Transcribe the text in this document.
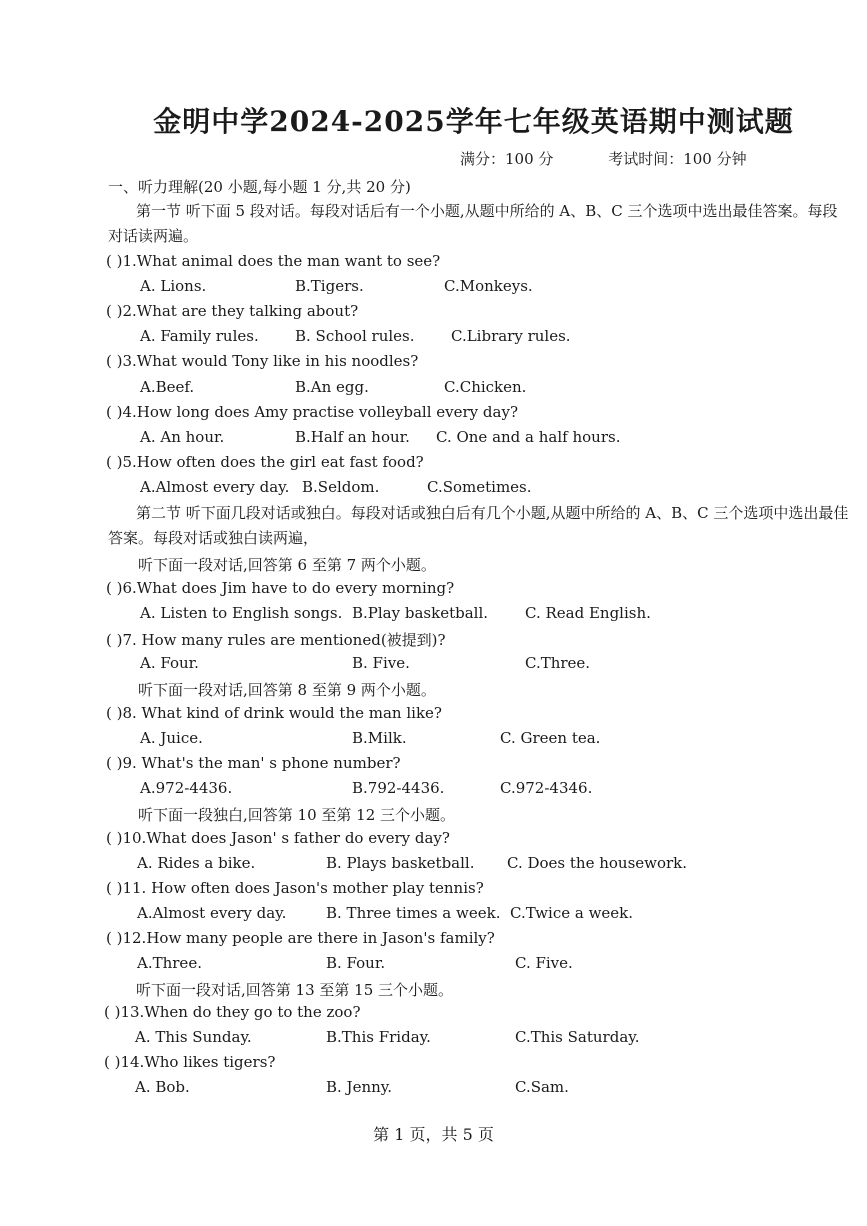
金明中学2024-2025学年七年级英语期中测试题
满分：100 分	考试时间：100 分钟
一、听力理解(20 小题,每小题 1 分,共 20 分)
第一节 听下面 5 段对话。每段对话后有一个小题,从题中所给的 A、B、C 三个选项中选出最佳答案。每段对话读两遍。
( )1.What animal does the man want to see?
A. Lions.	B.Tigers.	C.Monkeys.
( )2.What are they talking about?
A. Family rules. B. School rules. C.Library rules.
( )3.What would Tony like in his noodles?
A.Beef.	B.An egg.	C.Chicken.
( )4.How long does Amy practise volleyball every day?
A. An hour.	B.Half an hour. C. One and a half hours.
( )5.How often does the girl eat fast food?
A.Almost every day. B.Seldom.	C.Sometimes.
第二节 听下面几段对话或独白。每段对话或独白后有几个小题,从题中所给的 A、B、C 三个选项中选出最佳答案。每段对话或独白读两遍，
听下面一段对话,回答第 6 至第 7 两个小题。
( )6.What does Jim have to do every morning?
A. Listen to English songs. B.Play basketball. C. Read English.
( )7. How many rules are mentioned(被提到)?
A. Four.	B. Five.	C.Three.
听下面一段对话,回答第 8 至第 9 两个小题。
( )8. What kind of drink would the man like?
A. Juice.	B.Milk.	C. Green tea.
( )9. What's the man' s phone number?
A.972-4436.	B.792-4436.	C.972-4346.
听下面一段独白,回答第 10 至第 12 三个小题。
( )10.What does Jason' s father do every day?
A. Rides a bike.	B. Plays basketball. C. Does the housework.
( )11. How often does Jason's mother play tennis?
A.Almost every day.	B. Three times a week. C.Twice a week.
( )12.How many people are there in Jason's family?
A.Three.	B. Four.	C. Five.
听下面一段对话,回答第 13 至第 15 三个小题。
( )13.When do they go to the zoo?
A. This Sunday.	B.This Friday.	C.This Saturday.
( )14.Who likes tigers?
A. Bob.	B. Jenny.	C.Sam.
第 1 页，共 5 页
